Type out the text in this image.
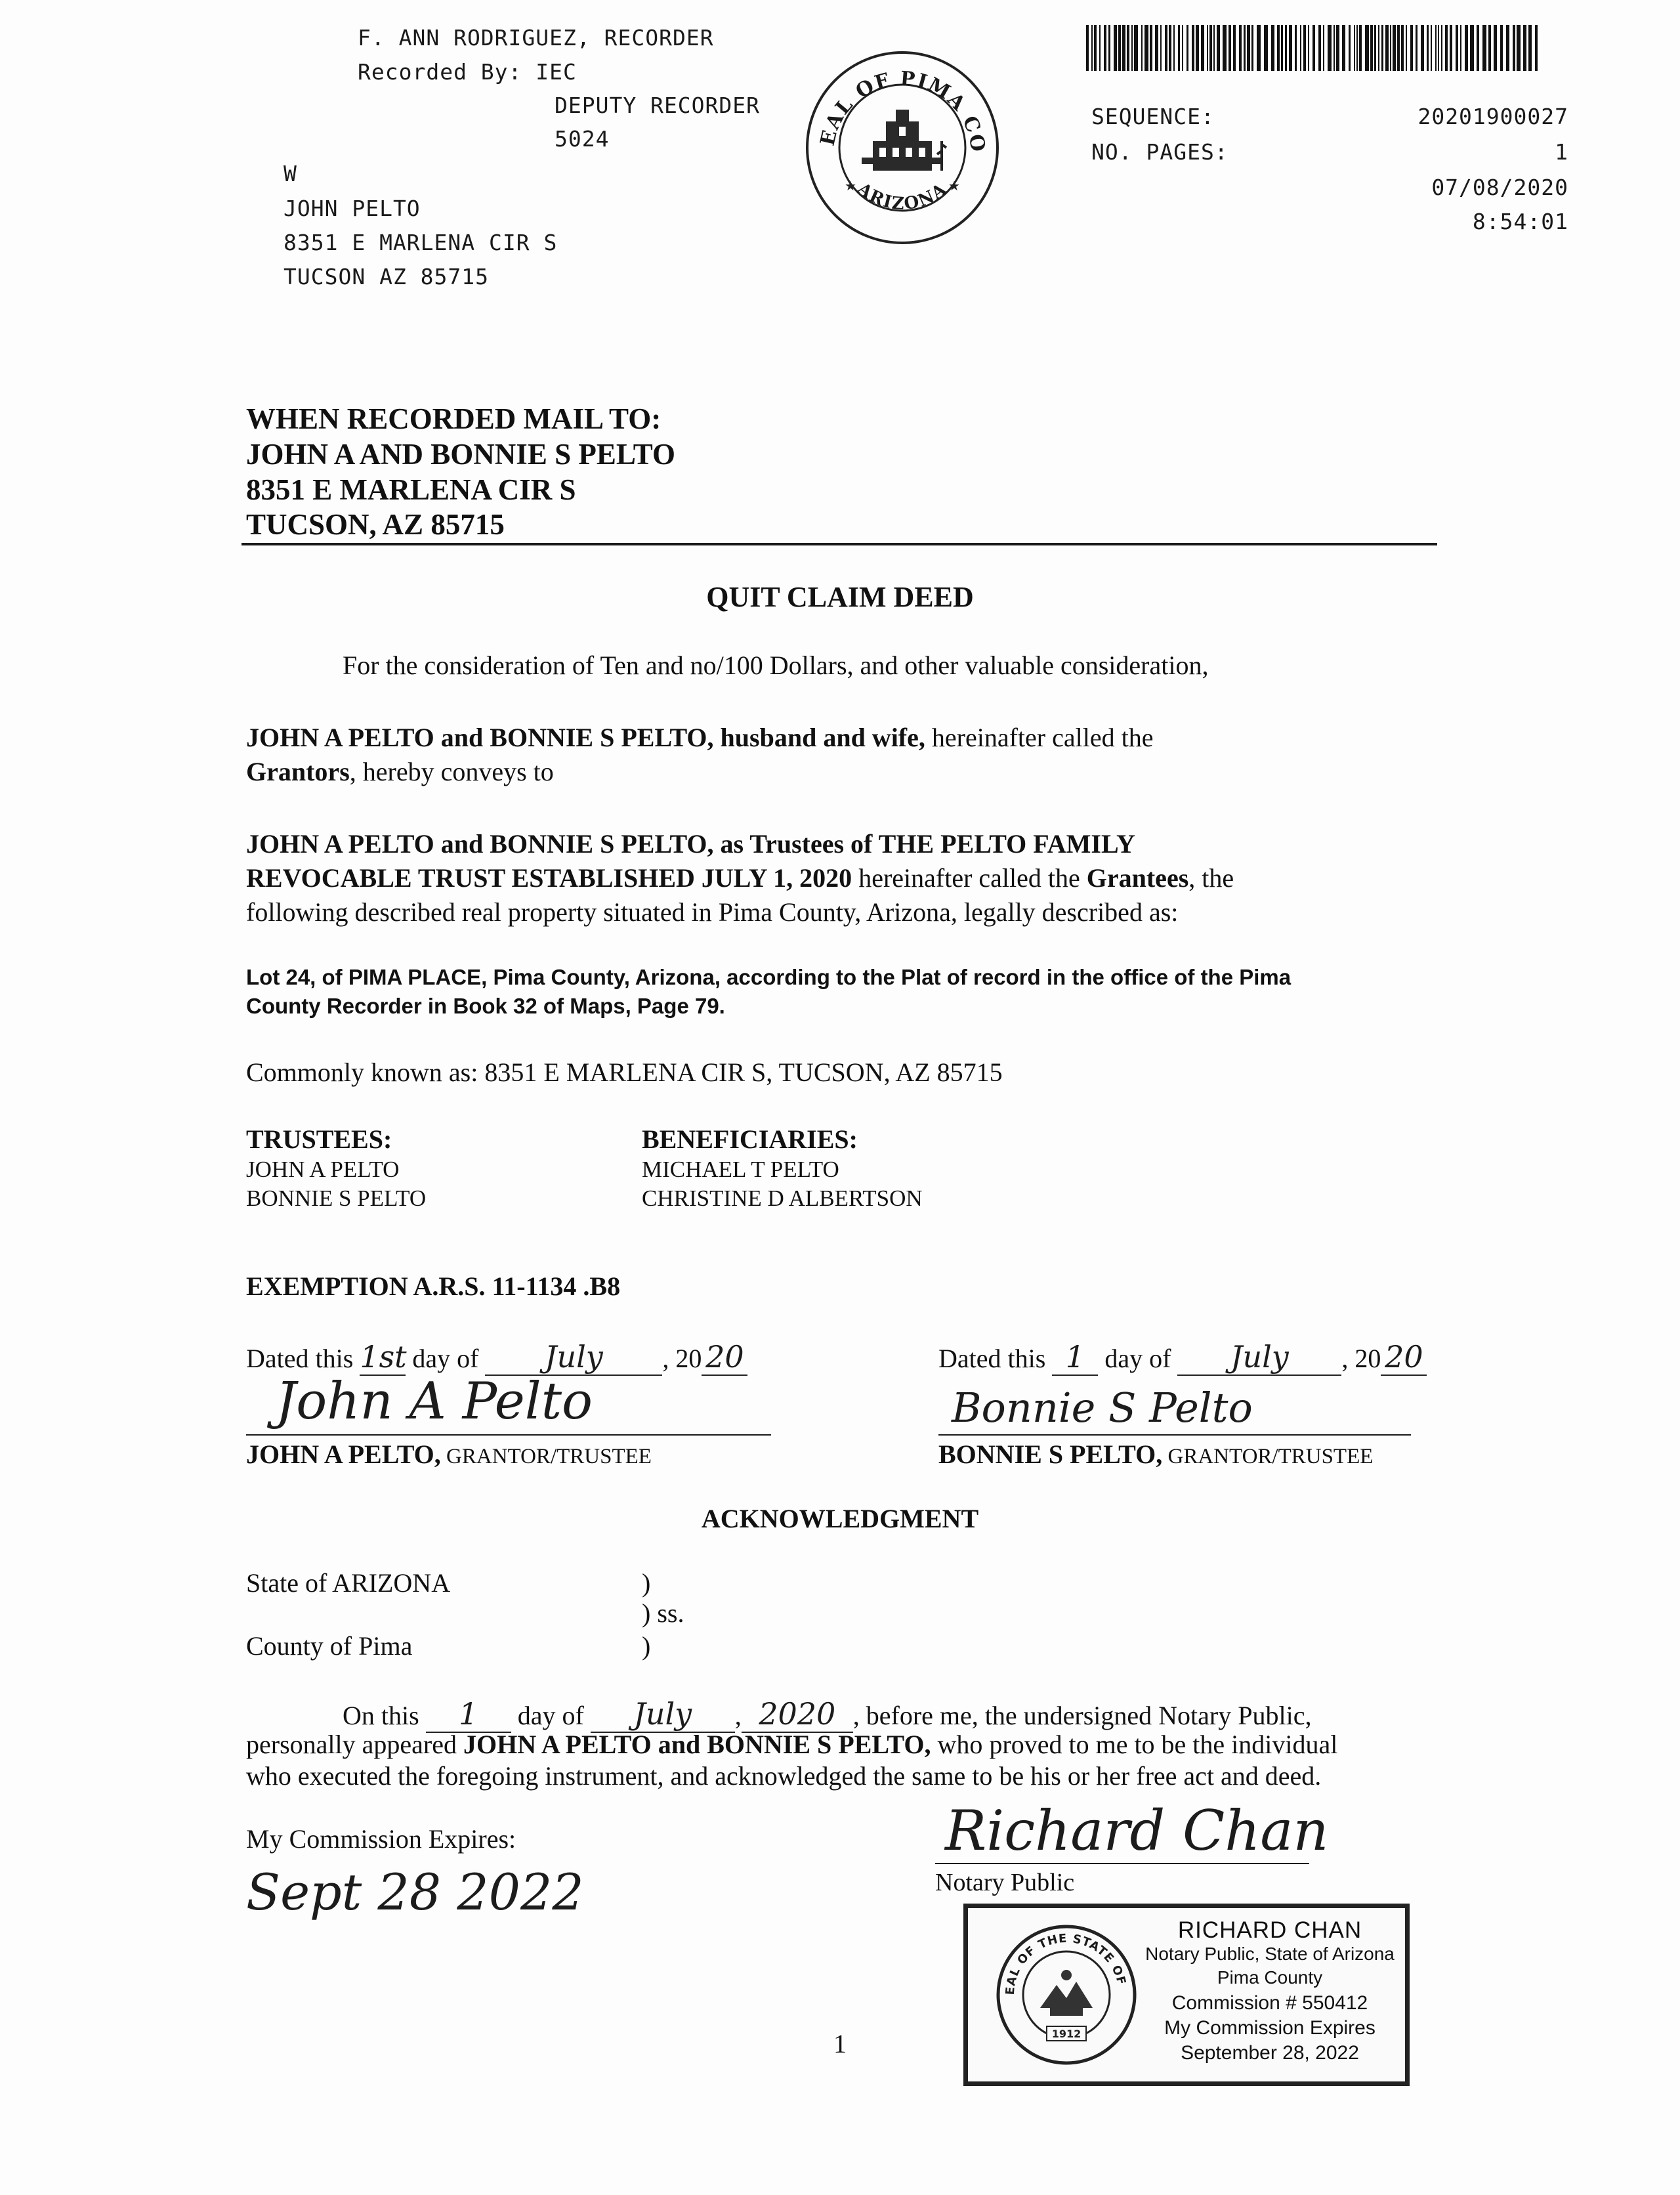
F. ANN RODRIGUEZ, RECORDER
Recorded By: IEC
DEPUTY RECORDER
5024
W
JOHN PELTO
8351 E MARLENA CIR S
TUCSON AZ 85715
EAL OF PIMA CO
ARIZONA
★	★
SEQUENCE:	20201900027
NO. PAGES:	1
07/08/2020
8:54:01
WHEN RECORDED MAIL TO:
JOHN A AND BONNIE S PELTO
8351 E MARLENA CIR S
TUCSON, AZ 85715
QUIT CLAIM DEED
For the consideration of Ten and no/100 Dollars, and other valuable consideration,
JOHN A PELTO and BONNIE S PELTO, husband and wife, hereinafter called the
Grantors, hereby conveys to
JOHN A PELTO and BONNIE S PELTO, as Trustees of THE PELTO FAMILY
REVOCABLE TRUST ESTABLISHED JULY 1, 2020 hereinafter called the Grantees, the
following described real property situated in Pima County, Arizona, legally described as:
Lot 24, of PIMA PLACE, Pima County, Arizona, according to the Plat of record in the office of the Pima
County Recorder in Book 32 of Maps, Page 79.
Commonly known as: 8351 E MARLENA CIR S, TUCSON, AZ 85715
TRUSTEES:
JOHN A PELTO
BONNIE S PELTO
BENEFICIARIES:
MICHAEL T PELTO
CHRISTINE D ALBERTSON
EXEMPTION A.R.S. 11-1134 .B8
Dated this 1st day of July , 20 20
John A Pelto
JOHN A PELTO, GRANTOR/TRUSTEE
Dated this 1 day of July , 20 20
Bonnie S Pelto
BONNIE S PELTO, GRANTOR/TRUSTEE
ACKNOWLEDGMENT
State of ARIZONA	)
) ss.
County of Pima	)
On this 1 day of July , 2020 , before me, the undersigned Notary Public,
personally appeared JOHN A PELTO and BONNIE S PELTO, who proved to me to be the individual
who executed the foregoing instrument, and acknowledged the same to be his or her free act and deed.
My Commission Expires:
Sept 28 2022
Richard Chan
Notary Public
EAL OF THE STATE OF
1912
RICHARD CHAN
Notary Public, State of Arizona
Pima County
Commission # 550412
My Commission Expires
September 28, 2022
1
